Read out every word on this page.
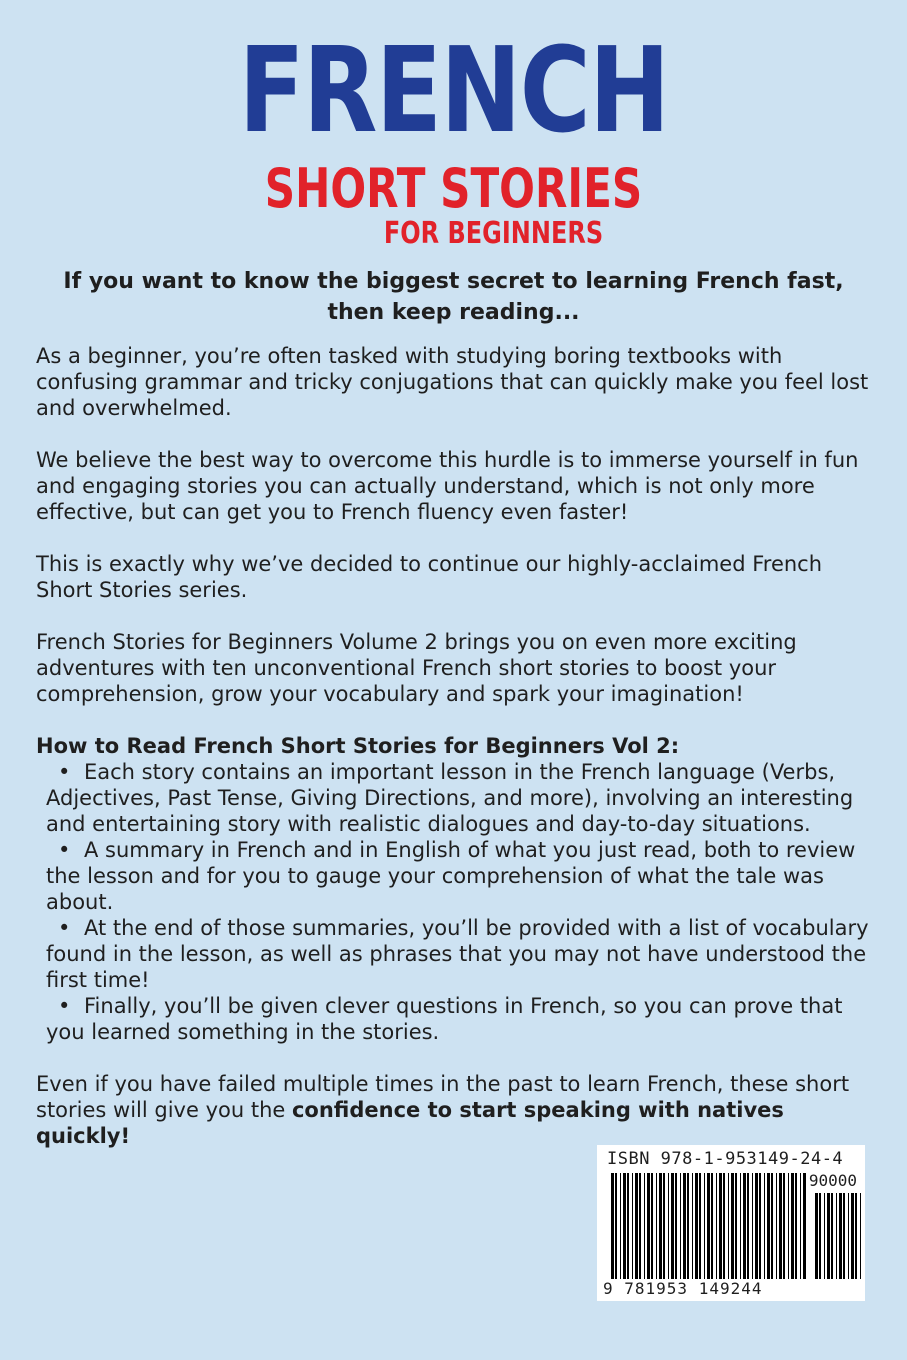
FRENCH
SHORT STORIES
FOR BEGINNERS
If you want to know the biggest secret to learning French fast,
then keep reading...

As a beginner, you’re often tasked with studying boring textbooks with confusing grammar and tricky conjugations that can quickly make you feel lost and overwhelmed.

We believe the best way to overcome this hurdle is to immerse yourself in fun and engaging stories you can actually understand, which is not only more effective, but can get you to French fluency even faster!

This is exactly why we’ve decided to continue our highly-acclaimed French Short Stories series.

French Stories for Beginners Volume 2 brings you on even more exciting adventures with ten unconventional French short stories to boost your comprehension, grow your vocabulary and spark your imagination!

How to Read French Short Stories for Beginners Vol 2:
• Each story contains an important lesson in the French language (Verbs, Adjectives, Past Tense, Giving Directions, and more), involving an interesting and entertaining story with realistic dialogues and day-to-day situations.
• A summary in French and in English of what you just read, both to review the lesson and for you to gauge your comprehension of what the tale was about.
• At the end of those summaries, you’ll be provided with a list of vocabulary found in the lesson, as well as phrases that you may not have understood the first time!
• Finally, you’ll be given clever questions in French, so you can prove that you learned something in the stories.

Even if you have failed multiple times in the past to learn French, these short stories will give you the confidence to start speaking with natives quickly!

ISBN 978-1-953149-24-4
90000
9 781953 149244
